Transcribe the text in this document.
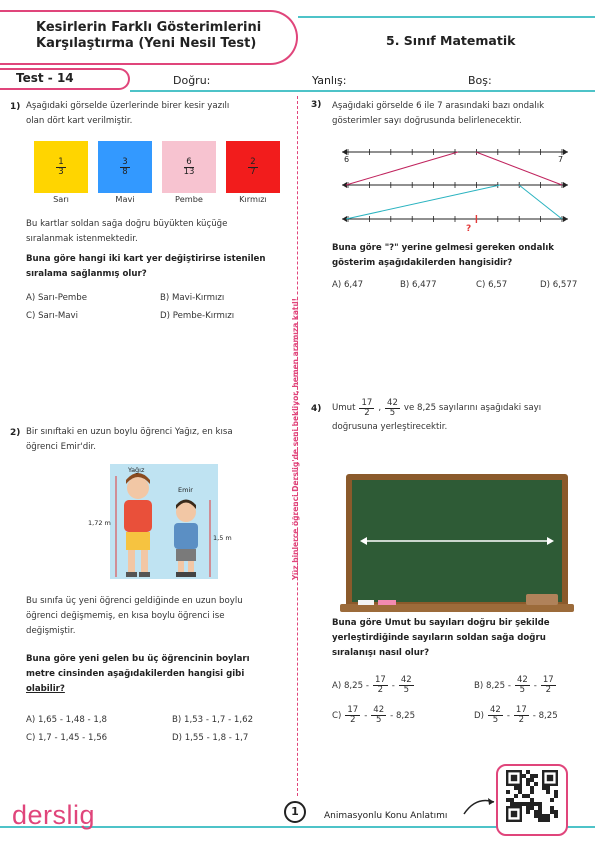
Kesirlerin Farklı Gösterimlerini
Karşılaştırma (Yeni Nesil Test)	5. Sınıf Matematik
Test - 14	Doğru:	Yanlış:	Boş:
Yüz binlerce öğrenci Derslig'de seni bekliyor, hemen aramıza katıl!
1) Aşağıdaki görselde üzerlerinde birer kesir yazılı
olan dört kart verilmiştir.
$\frac{1}{3}$	$\frac{3}{8}$	$\frac{6}{13}$	$\frac{2}{7}$
Sarı	Mavi	Pembe	Kırmızı
Bu kartlar soldan sağa doğru büyükten küçüğe
sıralanmak istenmektedir.
Buna göre hangi iki kart yer değiştirirse istenilen
sıralama sağlanmış olur?
A) Sarı-Pembe	B) Mavi-Kırmızı
C) Sarı-Mavi	D) Pembe-Kırmızı
2) Bir sınıftaki en uzun boylu öğrenci Yağız, en kısa
öğrenci Emir'dir.
Yağız
Emir
1,72 m
1,5 m
Bu sınıfa üç yeni öğrenci geldiğinde en uzun boylu
öğrenci değişmemiş, en kısa boylu öğrenci ise
değişmiştir.
Buna göre yeni gelen bu üç öğrencinin boyları
metre cinsinden aşağıdakilerden hangisi gibi
olabilir?
A) 1,65 - 1,48 - 1,8	B) 1,53 - 1,7 - 1,62
C) 1,7 - 1,45 - 1,56	D) 1,55 - 1,8 - 1,7
3) Aşağıdaki görselde 6 ile 7 arasındaki bazı ondalık
gösterimler sayı doğrusunda belirlenecektir.
6	7
?
Buna göre "?" yerine gelmesi gereken ondalık
gösterim aşağıdakilerden hangisidir?
A) 6,47	B) 6,477	C) 6,57	D) 6,577
4) Umut $\frac{17}{2}$ , $\frac{42}{5}$ ve 8,25 sayılarını aşağıdaki sayı
doğrusuna yerleştirecektir.
Buna göre Umut bu sayıları doğru bir şekilde
yerleştirdiğinde sayıların soldan sağa doğru
sıralanışı nasıl olur?
A) $8,25 - \frac{17}{2} - \frac{42}{5}$	B) $8,25 - \frac{42}{5} - \frac{17}{2}$
$C) \frac{17}{2} - \frac{42}{5} - 8,25$	$D) \frac{42}{5} - \frac{17}{2} - 8,25$
derslig	1	Animasyonlu Konu Anlatımı
